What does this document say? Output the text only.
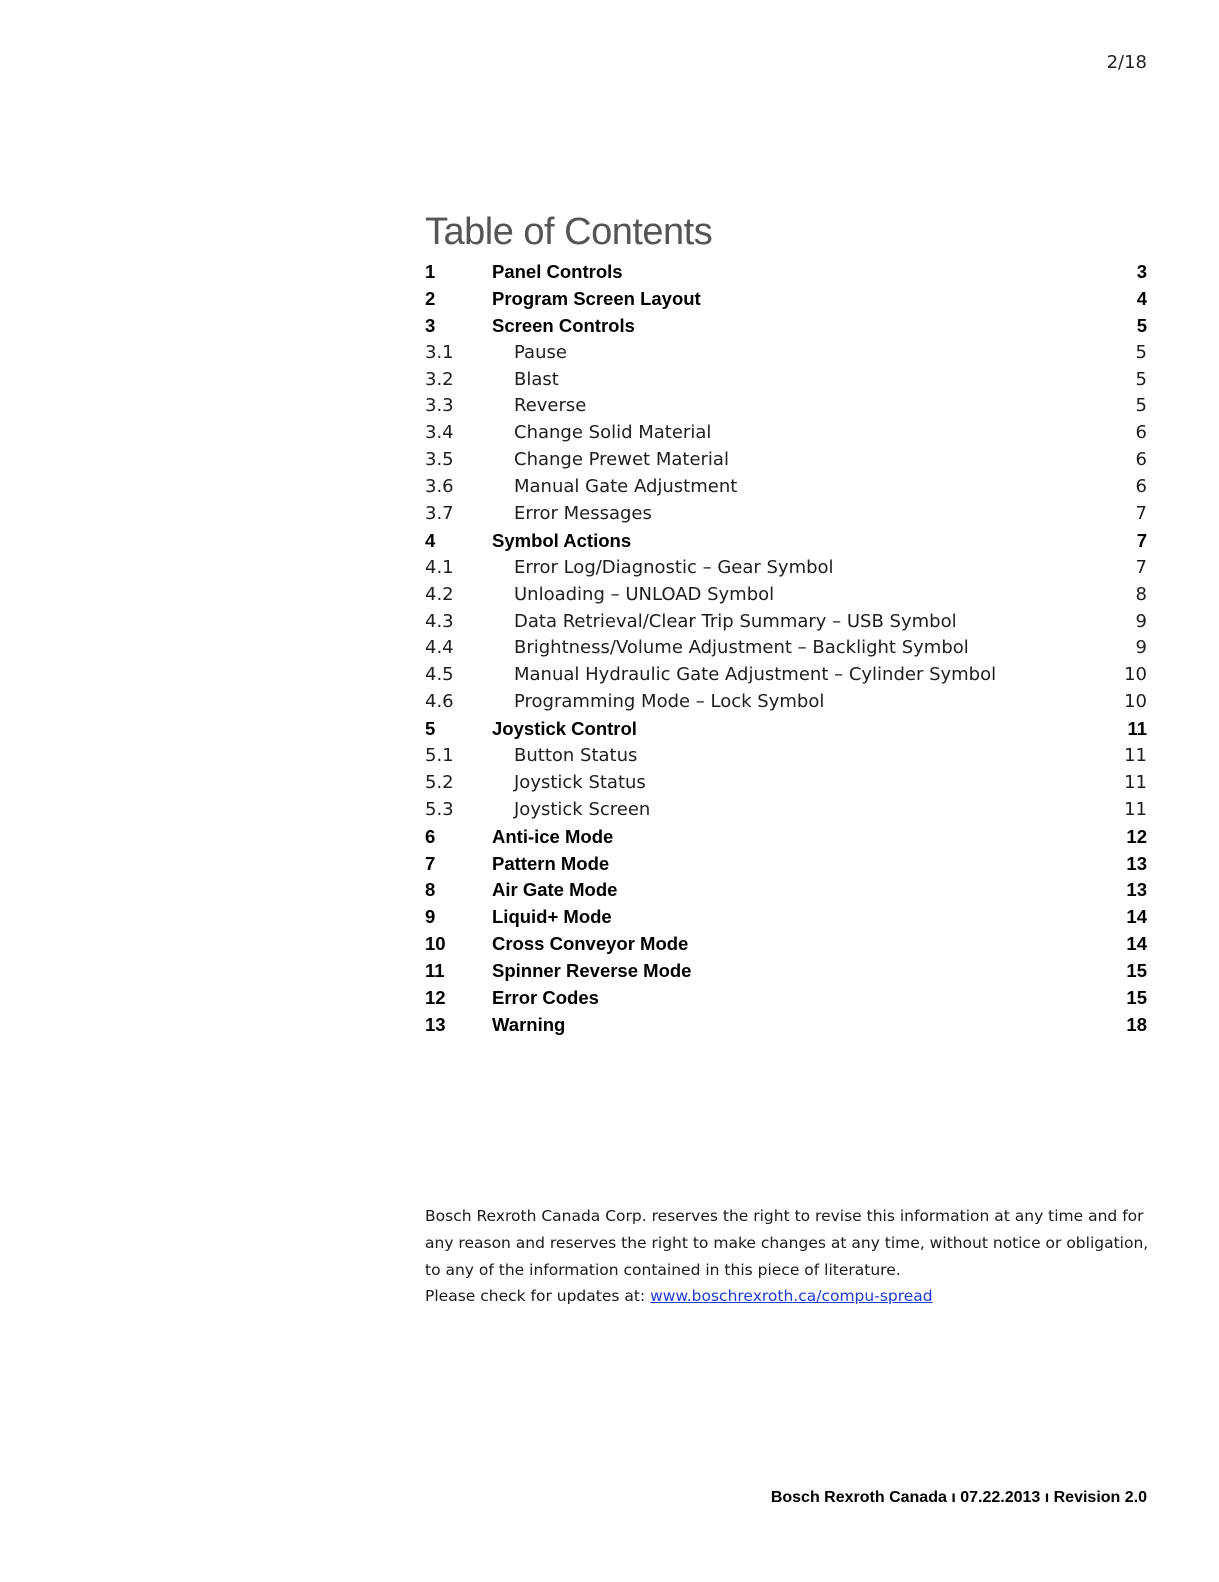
2/18
Table of Contents
1	Panel Controls	3
2	Program Screen Layout	4
3	Screen Controls	5
3.1	Pause	5
3.2	Blast	5
3.3	Reverse	5
3.4	Change Solid Material	6
3.5	Change Prewet Material	6
3.6	Manual Gate Adjustment	6
3.7	Error Messages	7
4	Symbol Actions	7
4.1	Error Log/Diagnostic – Gear Symbol	7
4.2	Unloading – UNLOAD Symbol	8
4.3	Data Retrieval/Clear Trip Summary – USB Symbol	9
4.4	Brightness/Volume Adjustment – Backlight Symbol	9
4.5	Manual Hydraulic Gate Adjustment – Cylinder Symbol	10
4.6	Programming Mode – Lock Symbol	10
5	Joystick Control	11
5.1	Button Status	11
5.2	Joystick Status	11
5.3	Joystick Screen	11
6	Anti-ice Mode	12
7	Pattern Mode	13
8	Air Gate Mode	13
9	Liquid+ Mode	14
10	Cross Conveyor Mode	14
11	Spinner Reverse Mode	15
12	Error Codes	15
13	Warning	18

Bosch Rexroth Canada Corp. reserves the right to revise this information at any time and for any reason and reserves the right to make changes at any time, without notice or obligation, to any of the information contained in this piece of literature.

Please check for updates at: www.boschrexroth.ca/compu-spread

Bosch Rexroth Canada ı 07.22.2013 ı Revision 2.0
